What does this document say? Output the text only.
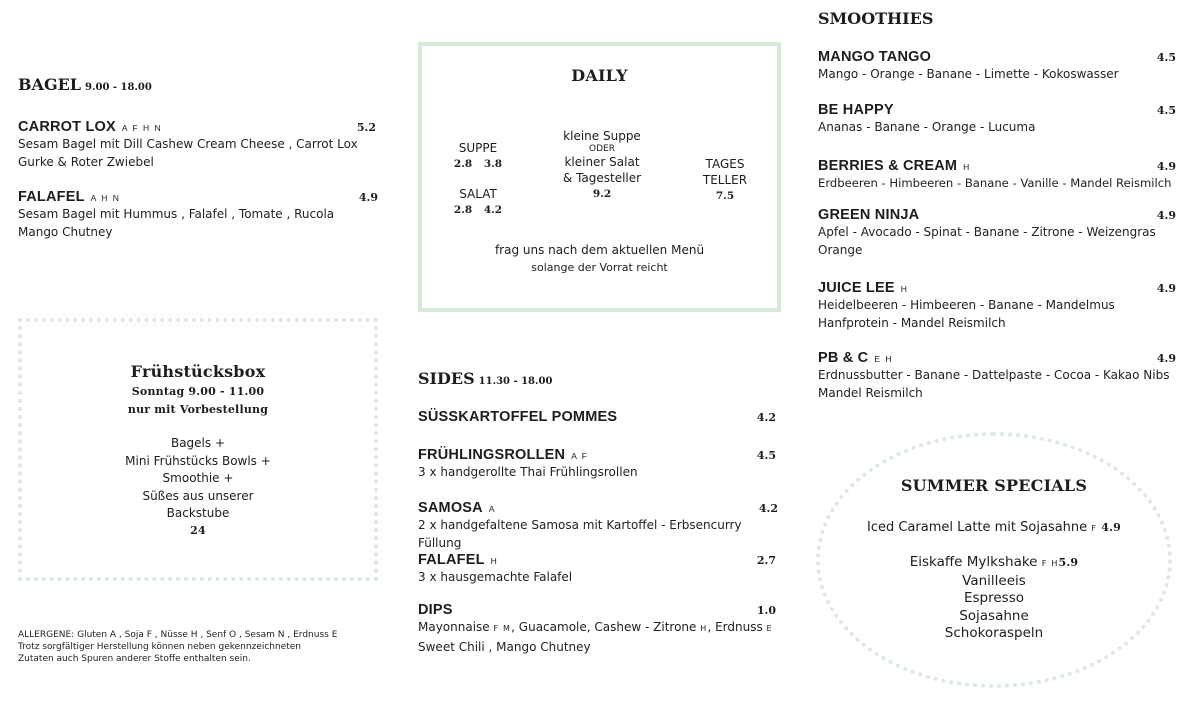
BAGEL 9.00 - 18.00
CARROT LOX A F H N	5.2
Sesam Bagel mit Dill Cashew Cream Cheese , Carrot Lox
Gurke & Roter Zwiebel
FALAFEL A H N	4.9
Sesam Bagel mit Hummus , Falafel , Tomate , Rucola
Mango Chutney
Frühstücksbox
Sonntag 9.00 - 11.00
nur mit Vorbestellung
Bagels +
Mini Frühstücks Bowls +
Smoothie +
Süßes aus unserer
Backstube
24
ALLERGENE: Gluten A , Soja F , Nüsse H , Senf O , Sesam N , Erdnuss E
Trotz sorgfältiger Herstellung können neben gekennzeichneten
Zutaten auch Spuren anderer Stoffe enthalten sein.
DAILY
SUPPE
2.8 3.8
SALAT
2.8 4.2
kleine Suppe
ODER
kleiner Salat
& Tagesteller
9.2
TAGES
TELLER
7.5
frag uns nach dem aktuellen Menü
solange der Vorrat reicht
SIDES 11.30 - 18.00
SÜSSKARTOFFEL POMMES	4.2
FRÜHLINGSROLLEN A F	4.5
3 x handgerollte Thai Frühlingsrollen
SAMOSA A	4.2
2 x handgefaltene Samosa mit Kartoffel - Erbsencurry Füllung
FALAFEL H	2.7
3 x hausgemachte Falafel
DIPS	1.0
Mayonnaise F M, Guacamole, Cashew - Zitrone H, Erdnuss E
Sweet Chili , Mango Chutney
SMOOTHIES
MANGO TANGO	4.5
Mango - Orange - Banane - Limette - Kokoswasser
BE HAPPY	4.5
Ananas - Banane - Orange - Lucuma
BERRIES & CREAM H	4.9
Erdbeeren - Himbeeren - Banane - Vanille - Mandel Reismilch
GREEN NINJA	4.9
Apfel - Avocado - Spinat - Banane - Zitrone - Weizengras
Orange
JUICE LEE H	4.9
Heidelbeeren - Himbeeren - Banane - Mandelmus
Hanfprotein - Mandel Reismilch
PB & C E H	4.9
Erdnussbutter - Banane - Dattelpaste - Cocoa - Kakao Nibs
Mandel Reismilch
SUMMER SPECIALS
Iced Caramel Latte mit Sojasahne F 4.9
Eiskaffe Mylkshake F H5.9
Vanilleeis
Espresso
Sojasahne
Schokoraspeln
